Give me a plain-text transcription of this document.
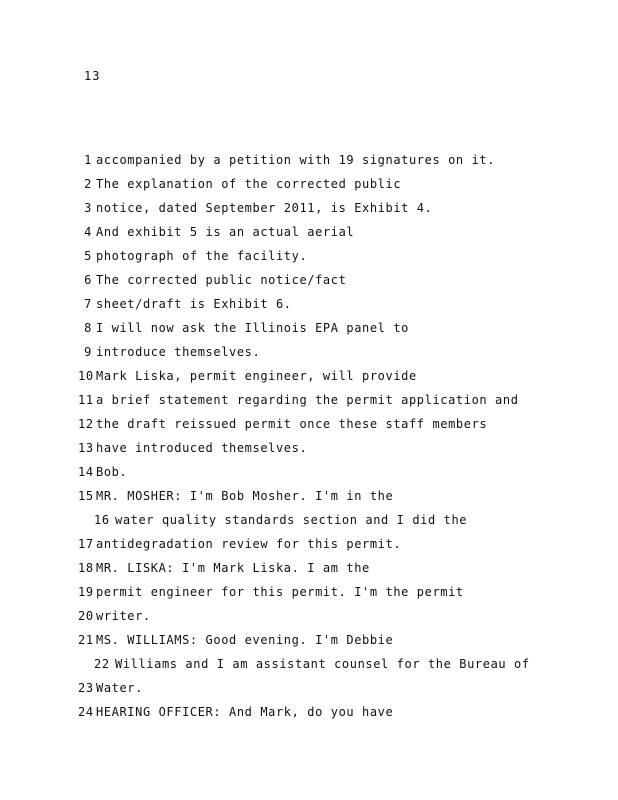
13
1 accompanied by a petition with 19 signatures on it.
2 The explanation of the corrected public
3 notice, dated September 2011, is Exhibit 4.
4 And exhibit 5 is an actual aerial
5 photograph of the facility.
6 The corrected public notice/fact
7 sheet/draft is Exhibit 6.
8 I will now ask the Illinois EPA panel to
9 introduce themselves.
10 Mark Liska, permit engineer, will provide
11 a brief statement regarding the permit application and
12 the draft reissued permit once these staff members
13 have introduced themselves.
14 Bob.
15 MR. MOSHER: I'm Bob Mosher. I'm in the
16 water quality standards section and I did the
17 antidegradation review for this permit.
18 MR. LISKA: I'm Mark Liska. I am the
19 permit engineer for this permit. I'm the permit
20 writer.
21 MS. WILLIAMS: Good evening. I'm Debbie
22 Williams and I am assistant counsel for the Bureau of
23 Water.
24 HEARING OFFICER: And Mark, do you have
